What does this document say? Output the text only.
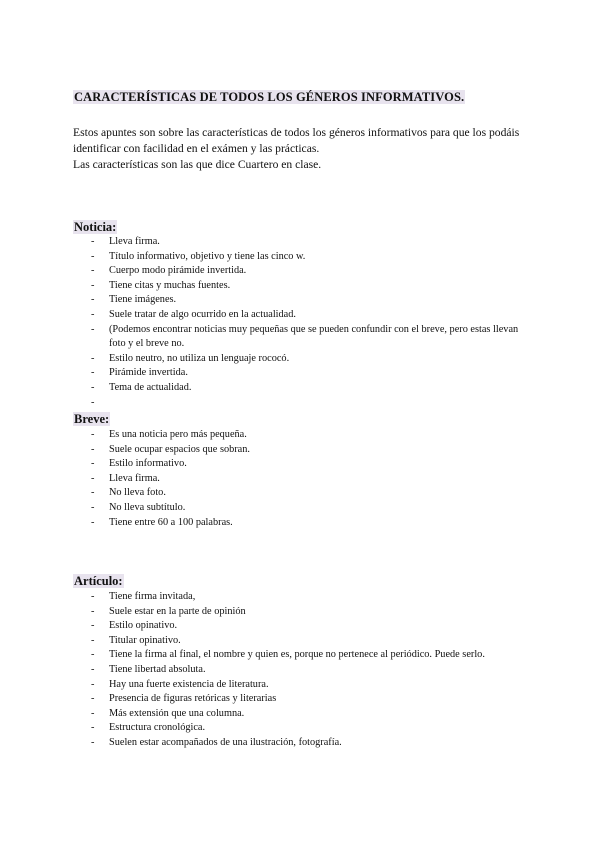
CARACTERÍSTICAS DE TODOS LOS GÉNEROS INFORMATIVOS.

Estos apuntes son sobre las características de todos los géneros informativos para que los podáis identificar con facilidad en el exámen y las prácticas.

Las características son las que dice Cuartero en clase.

Noticia:
- Lleva firma.
- Título informativo, objetivo y tiene las cinco w.
- Cuerpo modo pirámide invertida.
- Tiene citas y muchas fuentes.
- Tiene imágenes.
- Suele tratar de algo ocurrido en la actualidad.
- (Podemos encontrar noticias muy pequeñas que se pueden confundir con el breve, pero estas llevan foto y el breve no.
- Estilo neutro, no utiliza un lenguaje rococó.
- Pirámide invertida.
- Tema de actualidad.
-
Breve:
- Es una noticia pero más pequeña.
- Suele ocupar espacios que sobran.
- Estilo informativo.
- Lleva firma.
- No lleva foto.
- No lleva subtítulo.
- Tiene entre 60 a 100 palabras.
Artículo:
- Tiene firma invitada,
- Suele estar en la parte de opinión
- Estilo opinativo.
- Titular opinativo.
- Tiene la firma al final, el nombre y quien es, porque no pertenece al periódico. Puede serlo.
- Tiene libertad absoluta.
- Hay una fuerte existencia de literatura.
- Presencia de figuras retóricas y literarias
- Más extensión que una columna.
- Estructura cronológica.
- Suelen estar acompañados de una ilustración, fotografía.
